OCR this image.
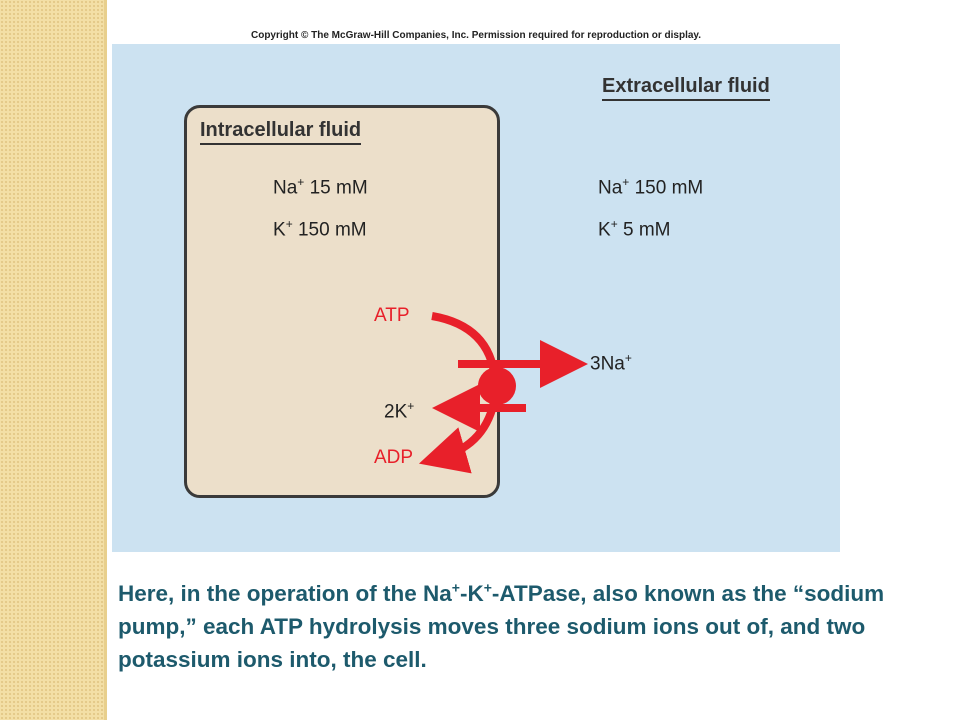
Copyright © The McGraw-Hill Companies, Inc. Permission required for reproduction or display.
Intracellular fluid
Extracellular fluid
Na+ 15 mM
K+ 150 mM
Na+ 150 mM
K+ 5 mM
ATP
ADP
3Na+
2K+
Here, in the operation of the Na+-K+-ATPase, also known as the “sodium pump,” each ATP hydrolysis moves three sodium ions out of, and two potassium ions into, the cell.
